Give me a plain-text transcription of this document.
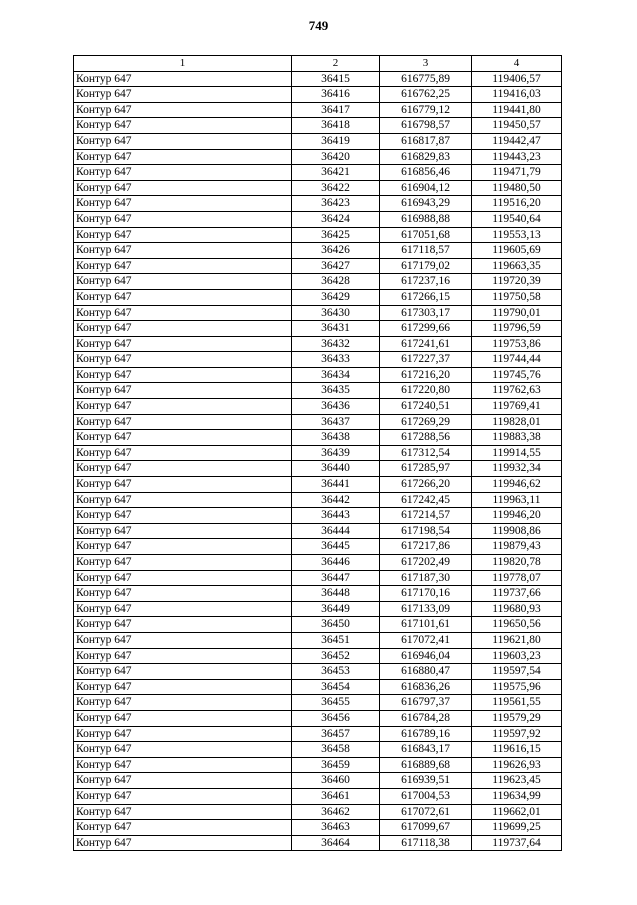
749
1	2	3	4
Контур 647	36415	616775,89	119406,57
Контур 647	36416	616762,25	119416,03
Контур 647	36417	616779,12	119441,80
Контур 647	36418	616798,57	119450,57
Контур 647	36419	616817,87	119442,47
Контур 647	36420	616829,83	119443,23
Контур 647	36421	616856,46	119471,79
Контур 647	36422	616904,12	119480,50
Контур 647	36423	616943,29	119516,20
Контур 647	36424	616988,88	119540,64
Контур 647	36425	617051,68	119553,13
Контур 647	36426	617118,57	119605,69
Контур 647	36427	617179,02	119663,35
Контур 647	36428	617237,16	119720,39
Контур 647	36429	617266,15	119750,58
Контур 647	36430	617303,17	119790,01
Контур 647	36431	617299,66	119796,59
Контур 647	36432	617241,61	119753,86
Контур 647	36433	617227,37	119744,44
Контур 647	36434	617216,20	119745,76
Контур 647	36435	617220,80	119762,63
Контур 647	36436	617240,51	119769,41
Контур 647	36437	617269,29	119828,01
Контур 647	36438	617288,56	119883,38
Контур 647	36439	617312,54	119914,55
Контур 647	36440	617285,97	119932,34
Контур 647	36441	617266,20	119946,62
Контур 647	36442	617242,45	119963,11
Контур 647	36443	617214,57	119946,20
Контур 647	36444	617198,54	119908,86
Контур 647	36445	617217,86	119879,43
Контур 647	36446	617202,49	119820,78
Контур 647	36447	617187,30	119778,07
Контур 647	36448	617170,16	119737,66
Контур 647	36449	617133,09	119680,93
Контур 647	36450	617101,61	119650,56
Контур 647	36451	617072,41	119621,80
Контур 647	36452	616946,04	119603,23
Контур 647	36453	616880,47	119597,54
Контур 647	36454	616836,26	119575,96
Контур 647	36455	616797,37	119561,55
Контур 647	36456	616784,28	119579,29
Контур 647	36457	616789,16	119597,92
Контур 647	36458	616843,17	119616,15
Контур 647	36459	616889,68	119626,93
Контур 647	36460	616939,51	119623,45
Контур 647	36461	617004,53	119634,99
Контур 647	36462	617072,61	119662,01
Контур 647	36463	617099,67	119699,25
Контур 647	36464	617118,38	119737,64
